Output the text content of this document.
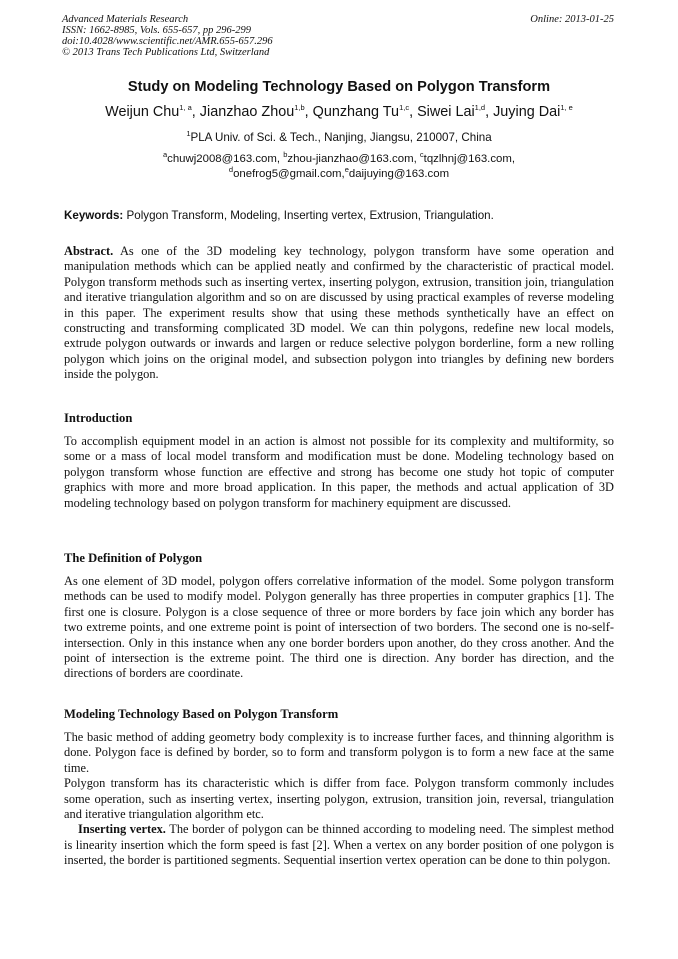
Advanced Materials Research
ISSN: 1662-8985, Vols. 655-657, pp 296-299
doi:10.4028/www.scientific.net/AMR.655-657.296
© 2013 Trans Tech Publications Ltd, Switzerland
Online: 2013-01-25
Study on Modeling Technology Based on Polygon Transform
Weijun Chu$^{1, a}$, Jianzhao Zhou$^{1,b}$, Qunzhang Tu$^{1,c}$, Siwei Lai$^{1,d}$, Juying Dai$^{1, e}$
$^1$PLA Univ. of Sci. & Tech., Nanjing, Jiangsu, 210007, China
$^a$chuwj2008@163.com, $^b$zhou-jianzhao@163.com, $^c$tqzlhnj@163.com,
$^d$onefrog5@gmail.com,$^e$daijuying@163.com
Keywords: Polygon Transform, Modeling, Inserting vertex, Extrusion, Triangulation.
Abstract. As one of the 3D modeling key technology, polygon transform have some operation and manipulation methods which can be applied neatly and confirmed by the characteristic of practical model. Polygon transform methods such as inserting vertex, inserting polygon, extrusion, transition join, triangulation and iterative triangulation algorithm and so on are discussed by using practical examples of reverse modeling in this paper. The experiment results show that using these methods synthetically have an effect on constructing and transforming complicated 3D model. We can thin polygons, redefine new local models, extrude polygon outwards or inwards and largen or reduce selective polygon borderline, form a new rolling polygon which joins on the original model, and subsection polygon into triangles by defining new borders inside the polygon.
Introduction
To accomplish equipment model in an action is almost not possible for its complexity and multiformity, so some or a mass of local model transform and modification must be done. Modeling technology based on polygon transform whose function are effective and strong has become one study hot topic of computer graphics with more and more broad application. In this paper, the methods and actual application of 3D modeling technology based on polygon transform for machinery equipment are discussed.
The Definition of Polygon
As one element of 3D model, polygon offers correlative information of the model. Some polygon transform methods can be used to modify model. Polygon generally has three properties in computer graphics [1]. The first one is closure. Polygon is a close sequence of three or more borders by face join which any border has two extreme points, and one extreme point is point of intersection of two borders. The second one is no-self-intersection. Only in this instance when any one border borders upon another, do they cross another. And the point of intersection is the extreme point. The third one is direction. Any border has direction, and the directions of borders are coordinate.
Modeling Technology Based on Polygon Transform
The basic method of adding geometry body complexity is to increase further faces, and thinning algorithm is done. Polygon face is defined by border, so to form and transform polygon is to form a new face at the same time.
Polygon transform has its characteristic which is differ from face. Polygon transform commonly includes some operation, such as inserting vertex, inserting polygon, extrusion, transition join, reversal, triangulation and iterative triangulation algorithm etc.
Inserting vertex. The border of polygon can be thinned according to modeling need. The simplest method is linearity insertion which the form speed is fast [2]. When a vertex on any border position of one polygon is inserted, the border is partitioned segments. Sequential insertion vertex operation can be done to thin polygon.
